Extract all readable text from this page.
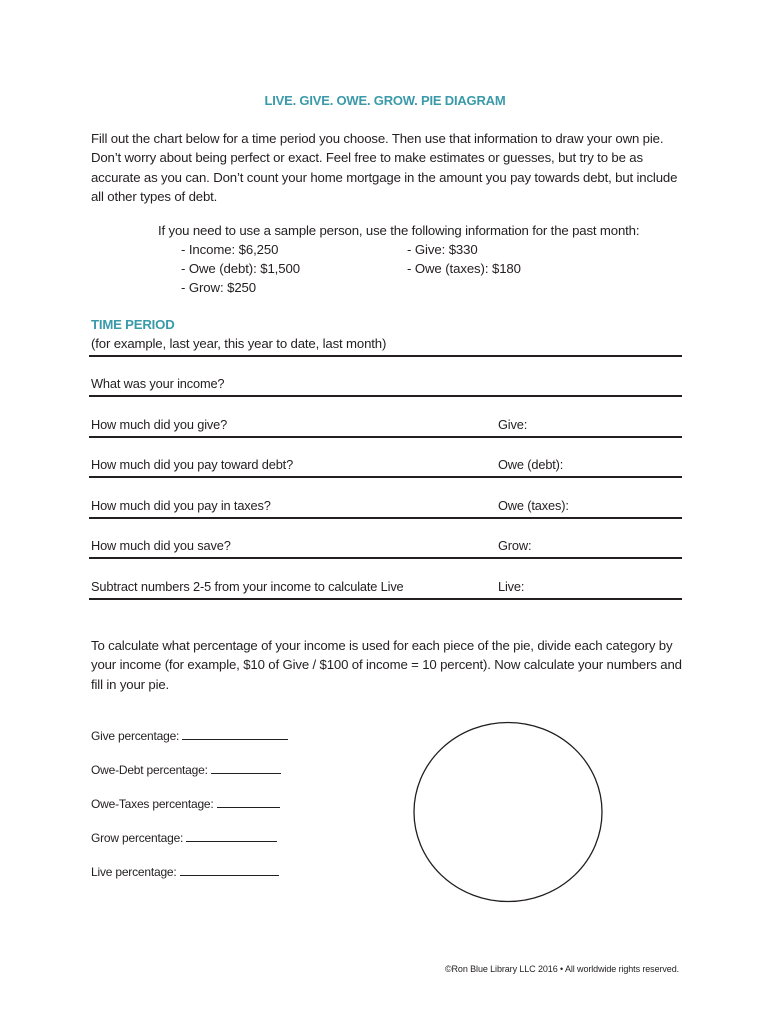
LIVE. GIVE. OWE. GROW. PIE DIAGRAM
Fill out the chart below for a time period you choose. Then use that information to draw your own pie. Don’t worry about being perfect or exact. Feel free to make estimates or guesses, but try to be as accurate as you can. Don’t count your home mortgage in the amount you pay towards debt, but include all other types of debt.
If you need to use a sample person, use the following information for the past month:
- Income: $6,250	- Give: $330
- Owe (debt): $1,500	- Owe (taxes): $180
- Grow: $250
TIME PERIOD
(for example, last year, this year to date, last month)
What was your income?
How much did you give?	Give:
How much did you pay toward debt?	Owe (debt):
How much did you pay in taxes?	Owe (taxes):
How much did you save?	Grow:
Subtract numbers 2-5 from your income to calculate Live	Live:
To calculate what percentage of your income is used for each piece of the pie, divide each category by your income (for example, $10 of Give / $100 of income = 10 percent). Now calculate your numbers and fill in your pie.
Give percentage:
Owe-Debt percentage:
Owe-Taxes percentage:
Grow percentage:
Live percentage:
©Ron Blue Library LLC 2016 • All worldwide rights reserved.
